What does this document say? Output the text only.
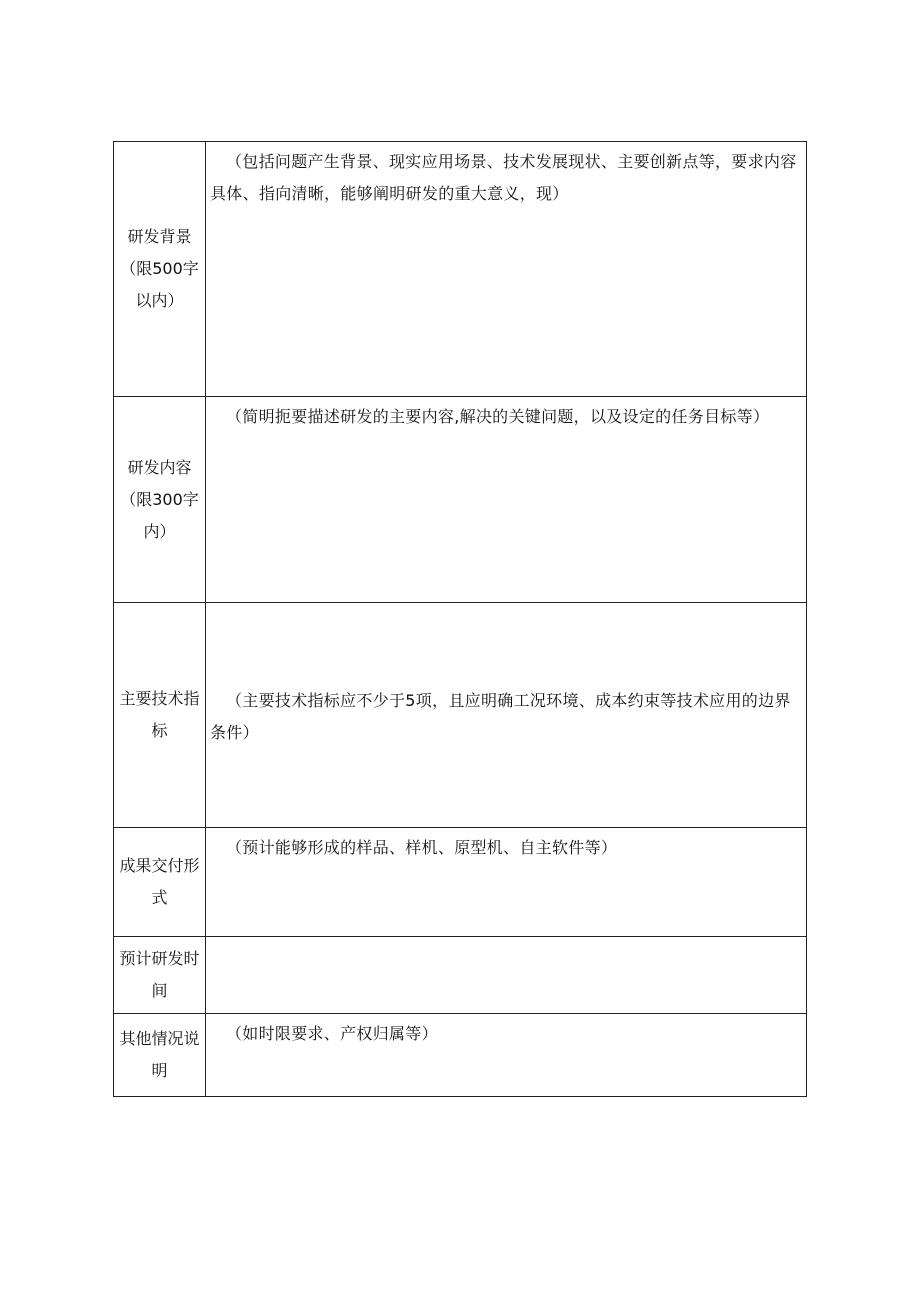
研发背景（限500字以内）	（包括问题产生背景、现实应用场景、技术发展现状、主要创新点等，要求内容具体、指向清晰，能够阐明研发的重大意义，现）

研发内容（限300字内）	（简明扼要描述研发的主要内容,解决的关键问题，以及设定的任务目标等）

主要技术指标	（主要技术指标应不少于5项，且应明确工况环境、成本约束等技术应用的边界条件）

成果交付形式	（预计能够形成的样品、样机、原型机、自主软件等）

预计研发时间	

其他情况说明	（如时限要求、产权归属等）
